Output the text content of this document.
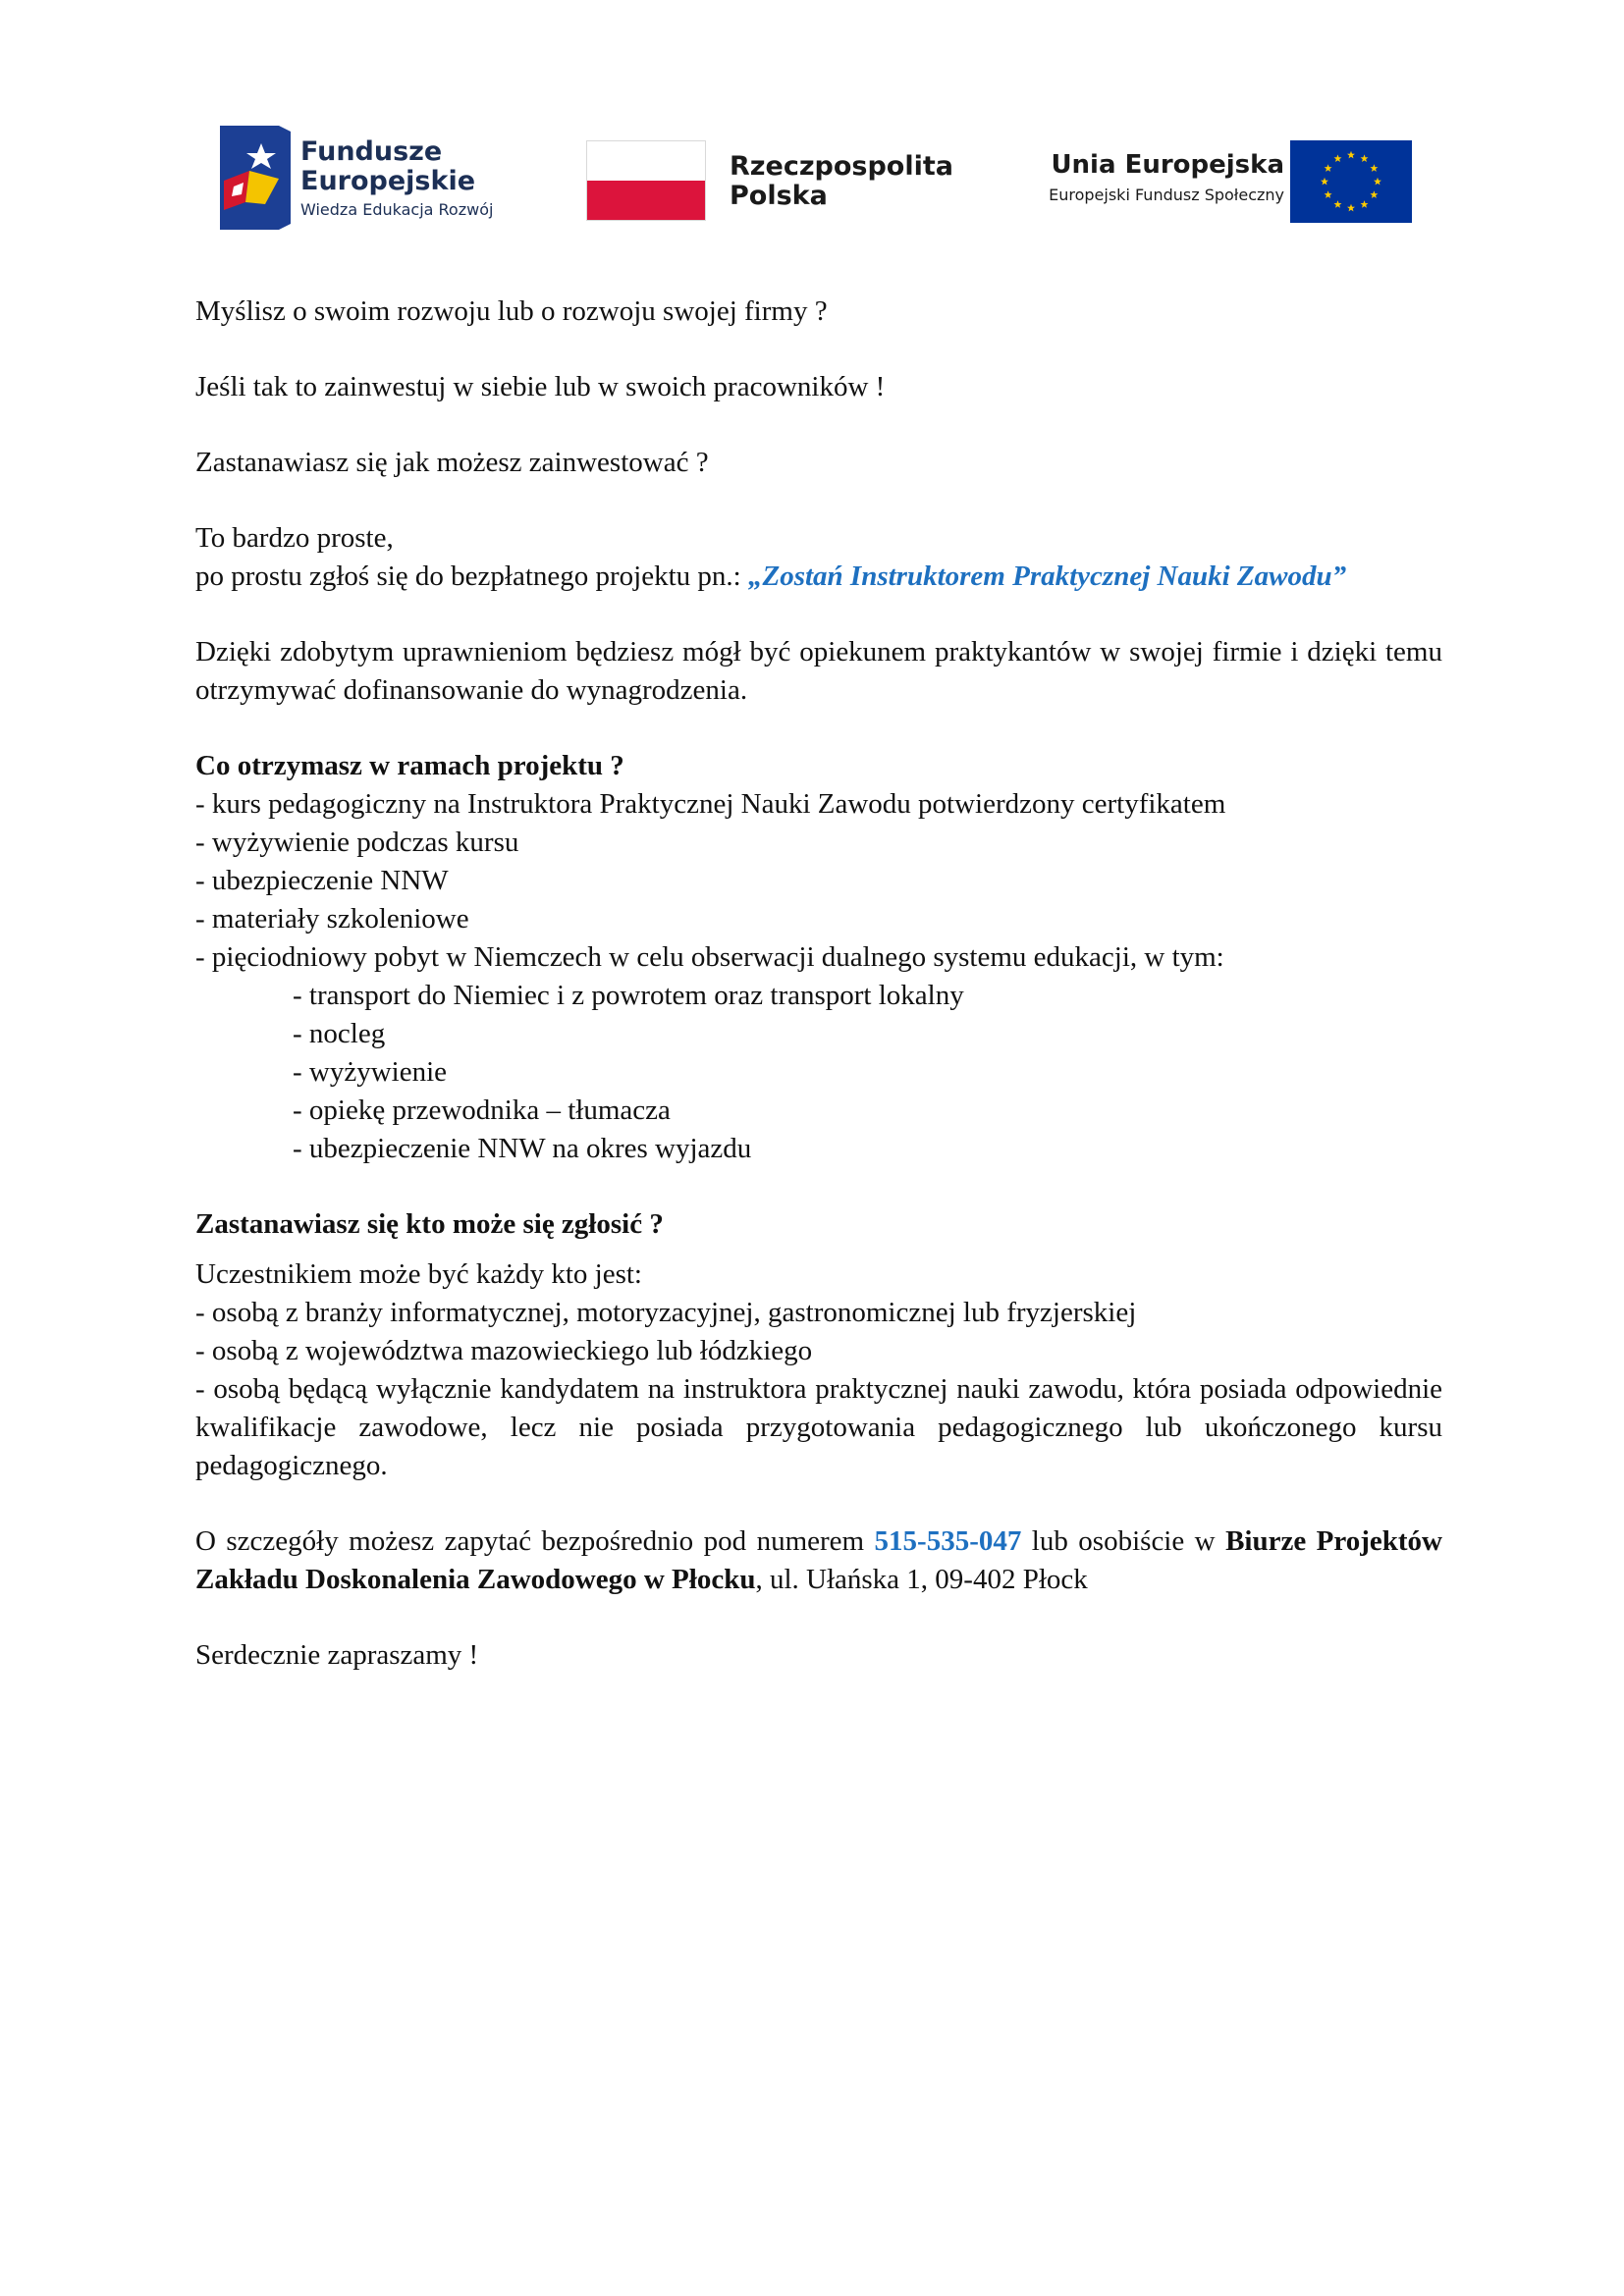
Fundusze
Europejskie
Wiedza Edukacja Rozwój
Rzeczpospolita
Polska
Unia Europejska
Europejski Fundusz Społeczny

Myślisz o swoim rozwoju lub o rozwoju swojej firmy ?

Jeśli tak to zainwestuj w siebie lub w swoich pracowników !

Zastanawiasz się jak możesz zainwestować ?

To bardzo proste,

po prostu zgłoś się do bezpłatnego projektu pn.: „Zostań Instruktorem Praktycznej Nauki Zawodu”

Dzięki zdobytym uprawnieniom będziesz mógł być opiekunem praktykantów w swojej firmie i dzięki temu otrzymywać dofinansowanie do wynagrodzenia.

Co otrzymasz w ramach projektu ?

- kurs pedagogiczny na Instruktora Praktycznej Nauki Zawodu potwierdzony certyfikatem

- wyżywienie podczas kursu

- ubezpieczenie NNW

- materiały szkoleniowe

- pięciodniowy pobyt w Niemczech w celu obserwacji dualnego systemu edukacji, w tym:

- transport do Niemiec i z powrotem oraz transport lokalny

- nocleg

- wyżywienie

- opiekę przewodnika – tłumacza

- ubezpieczenie NNW na okres wyjazdu

Zastanawiasz się kto może się zgłosić ?

Uczestnikiem może być każdy kto jest:

- osobą z branży informatycznej, motoryzacyjnej, gastronomicznej lub fryzjerskiej

- osobą z województwa mazowieckiego lub łódzkiego

- osobą będącą wyłącznie kandydatem na instruktora praktycznej nauki zawodu, która posiada odpowiednie kwalifikacje zawodowe, lecz nie posiada przygotowania pedagogicznego lub ukończonego kursu pedagogicznego.

O szczegóły możesz zapytać bezpośrednio pod numerem 515-535-047 lub osobiście w Biurze Projektów Zakładu Doskonalenia Zawodowego w Płocku, ul. Ułańska 1, 09-402 Płock

Serdecznie zapraszamy !
